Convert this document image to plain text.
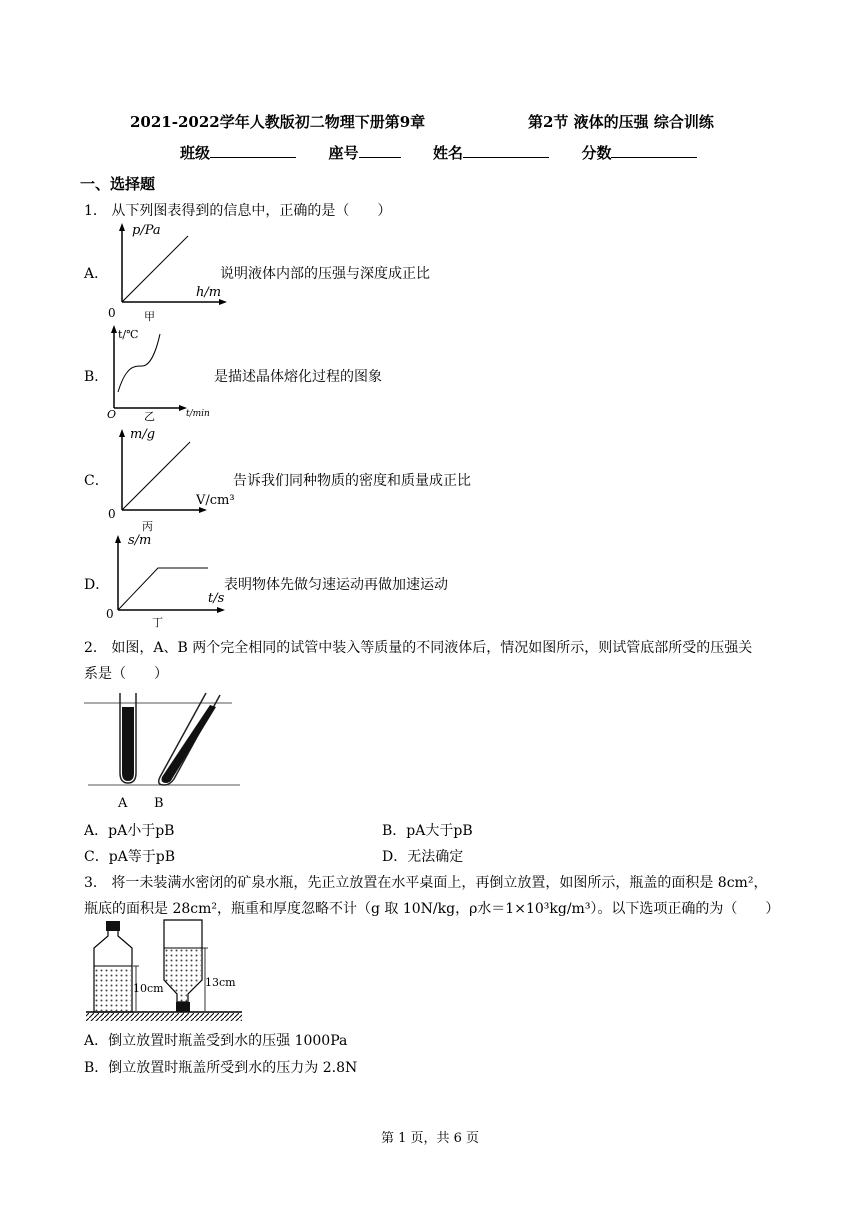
2021-2022学年人教版初二物理下册第9章	第2节 液体的压强 综合训练
班级	座号	姓名	分数
一、选择题
1． 从下列图表得到的信息中，正确的是（　　）
A．
p/Pa
h/m
0	甲
说明液体内部的压强与深度成正比
B．
t/℃
t/min
O	乙
是描述晶体熔化过程的图象
C．
m/g
V/cm³
0
丙
告诉我们同种物质的密度和质量成正比
D．
s/m
t/s
0
丁
表明物体先做匀速运动再做加速运动
2． 如图，A、B 两个完全相同的试管中装入等质量的不同液体后，情况如图所示，则试管底部所受的压强关
系是（　　）
A B
A．pA小于pB	B．pA大于pB
C．pA等于pB	D．无法确定
3． 将一未装满水密闭的矿泉水瓶，先正立放置在水平桌面上，再倒立放置，如图所示，瓶盖的面积是 8cm²，
瓶底的面积是 28cm²，瓶重和厚度忽略不计（g 取 10N/kg，ρ水＝1×10³kg/m³）。以下选项正确的为（　　）
10cm	13cm
A．倒立放置时瓶盖受到水的压强 1000Pa
B．倒立放置时瓶盖所受到水的压力为 2.8N
第 1 页，共 6 页
